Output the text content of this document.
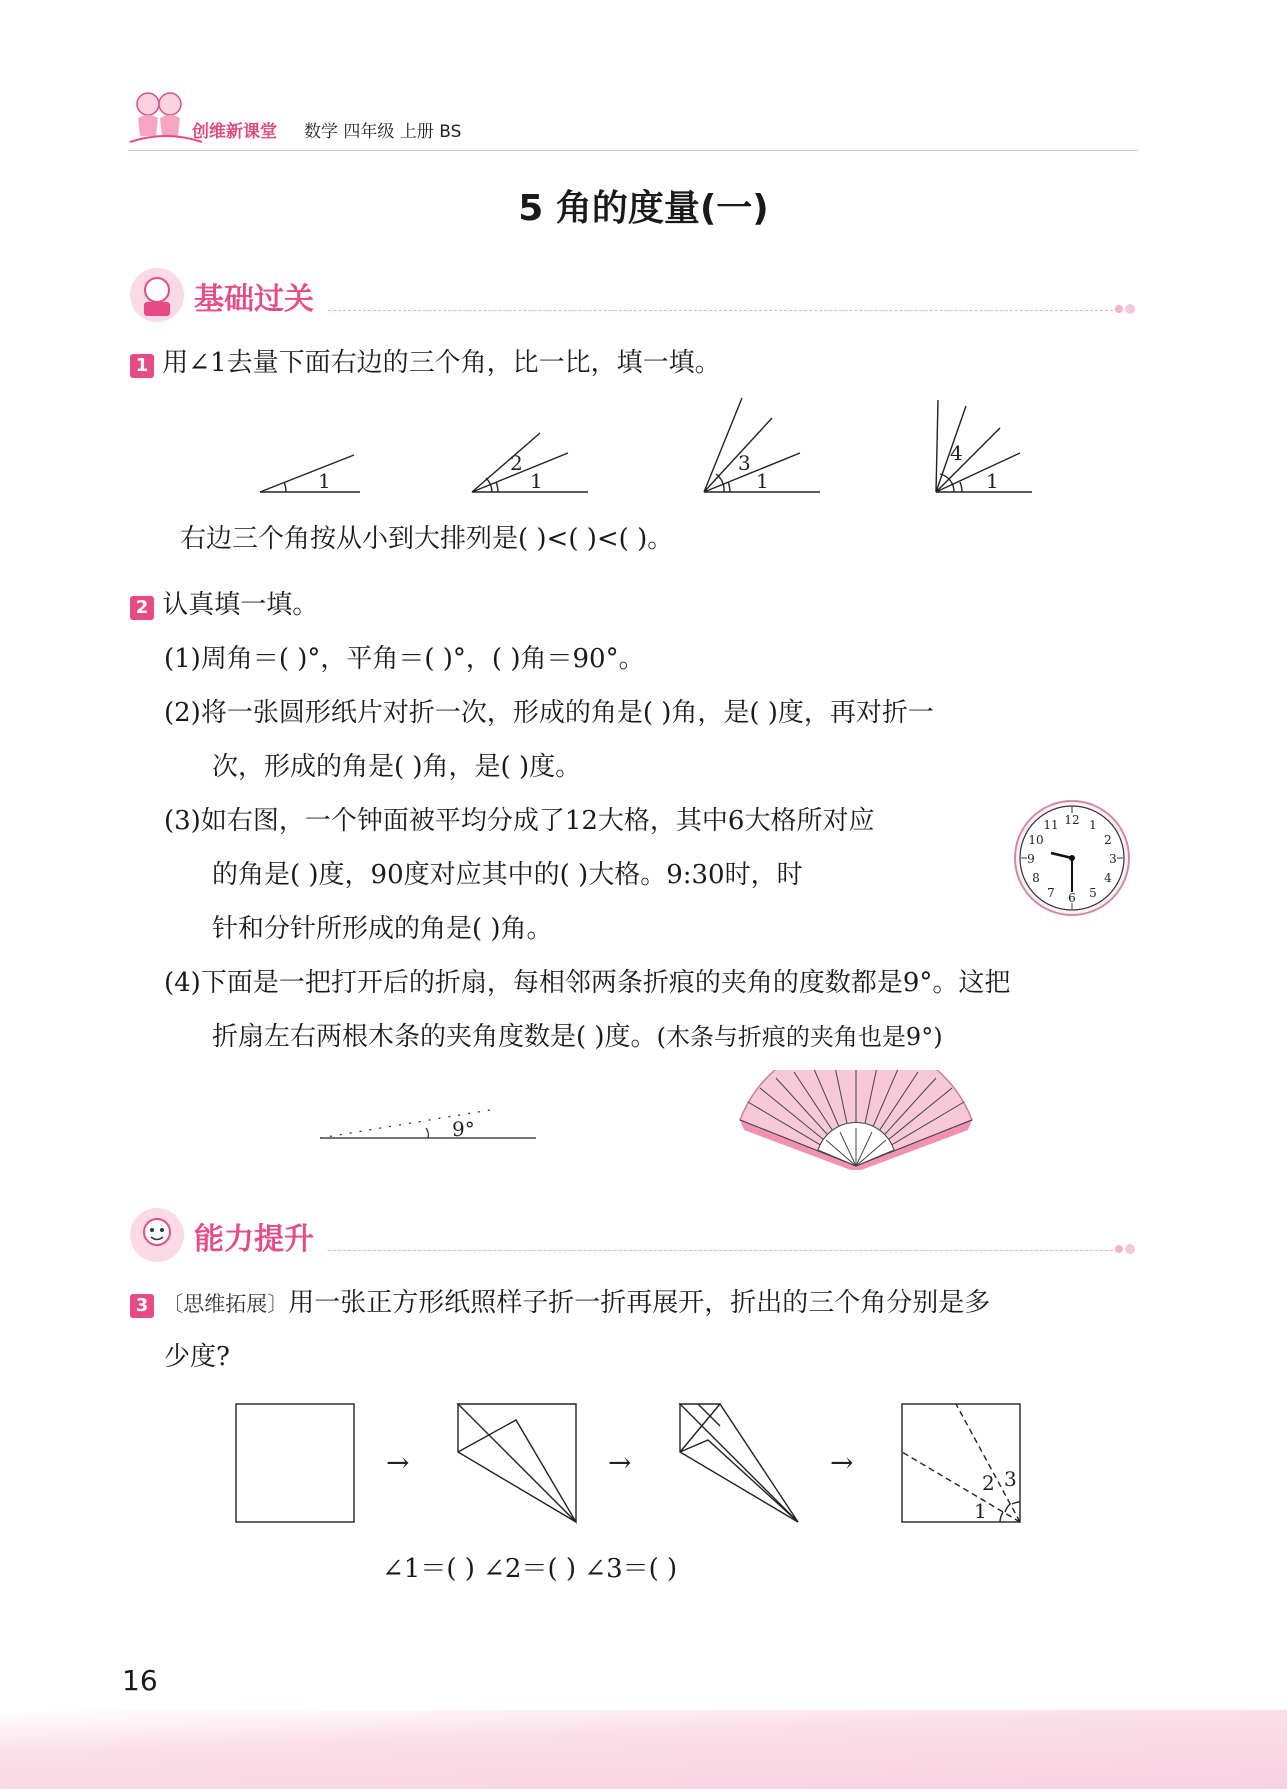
创维新课堂 数学 四年级 上册 BS
5 角的度量(一)
基础过关
1 用∠1去量下面右边的三个角，比一比，填一填。
1
2
1
3
1
4
1
右边三个角按从小到大排列是( )<( )<( )。
2 认真填一填。
(1)周角＝( )°，平角＝( )°，( )角＝90°。
(2)将一张圆形纸片对折一次，形成的角是( )角，是( )度，再对折一
次，形成的角是( )角，是( )度。
(3)如右图，一个钟面被平均分成了12大格，其中6大格所对应
的角是( )度，90度对应其中的( )大格。9:30时，时
针和分针所形成的角是( )角。
12 1
2
3
4
5
6
7
8
9
10
11
(4)下面是一把打开后的折扇，每相邻两条折痕的夹角的度数都是9°。这把
折扇左右两根木条的夹角度数是( )度。(木条与折痕的夹角也是9°)
9°
能力提升
3 〔思维拓展〕用一张正方形纸照样子折一折再展开，折出的三个角分别是多
少度?
→	→	→
1
2 3
∠1＝( ) ∠2＝( ) ∠3＝( )
16
